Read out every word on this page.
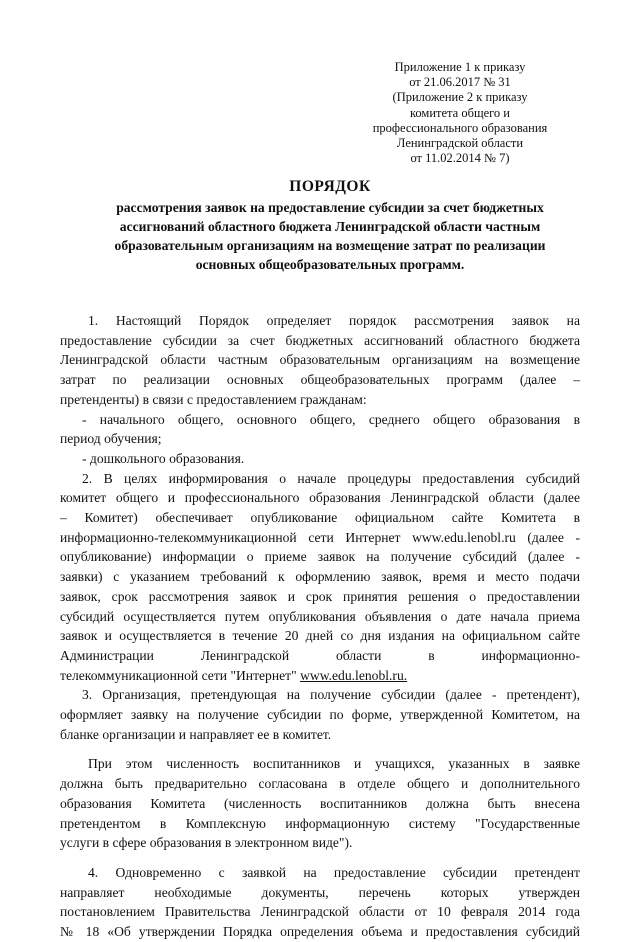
Приложение 1 к приказу
от 21.06.2017 № 31
(Приложение 2 к приказу
комитета общего и
профессионального образования
Ленинградской области
от 11.02.2014 № 7)
ПОРЯДОК
рассмотрения заявок на предоставление субсидии за счет бюджетных
ассигнований областного бюджета Ленинградской области частным
образовательным организациям на возмещение затрат по реализации
основных общеобразовательных программ.
1. Настоящий Порядок определяет порядок рассмотрения заявок на
предоставление субсидии за счет бюджетных ассигнований областного бюджета
Ленинградской области частным образовательным организациям на возмещение
затрат по реализации основных общеобразовательных программ (далее –
претенденты) в связи с предоставлением гражданам:
- начального общего, основного общего, среднего общего образования в
период обучения;
- дошкольного образования.
2. В целях информирования о начале процедуры предоставления субсидий
комитет общего и профессионального образования Ленинградской области (далее
– Комитет) обеспечивает опубликование официальном сайте Комитета в
информационно-телекоммуникационной сети Интернет www.edu.lenobl.ru (далее -
опубликование) информации о приеме заявок на получение субсидий (далее -
заявки) с указанием требований к оформлению заявок, время и место подачи
заявок, срок рассмотрения заявок и срок принятия решения о предоставлении
субсидий осуществляется путем опубликования объявления о дате начала приема
заявок и осуществляется в течение 20 дней со дня издания на официальном сайте
Администрации Ленинградской области в информационно-
телекоммуникационной сети "Интернет" www.edu.lenobl.ru.
3. Организация, претендующая на получение субсидии (далее - претендент),
оформляет заявку на получение субсидии по форме, утвержденной Комитетом, на
бланке организации и направляет ее в комитет.
При этом численность воспитанников и учащихся, указанных в заявке
должна быть предварительно согласована в отделе общего и дополнительного
образования Комитета (численность воспитанников должна быть внесена
претендентом в Комплексную информационную систему "Государственные
услуги в сфере образования в электронном виде").
4. Одновременно с заявкой на предоставление субсидии претендент
направляет необходимые документы, перечень которых утвержден
постановлением Правительства Ленинградской области от 10 февраля 2014 года
№ 18 «Об утверждении Порядка определения объема и предоставления субсидий
